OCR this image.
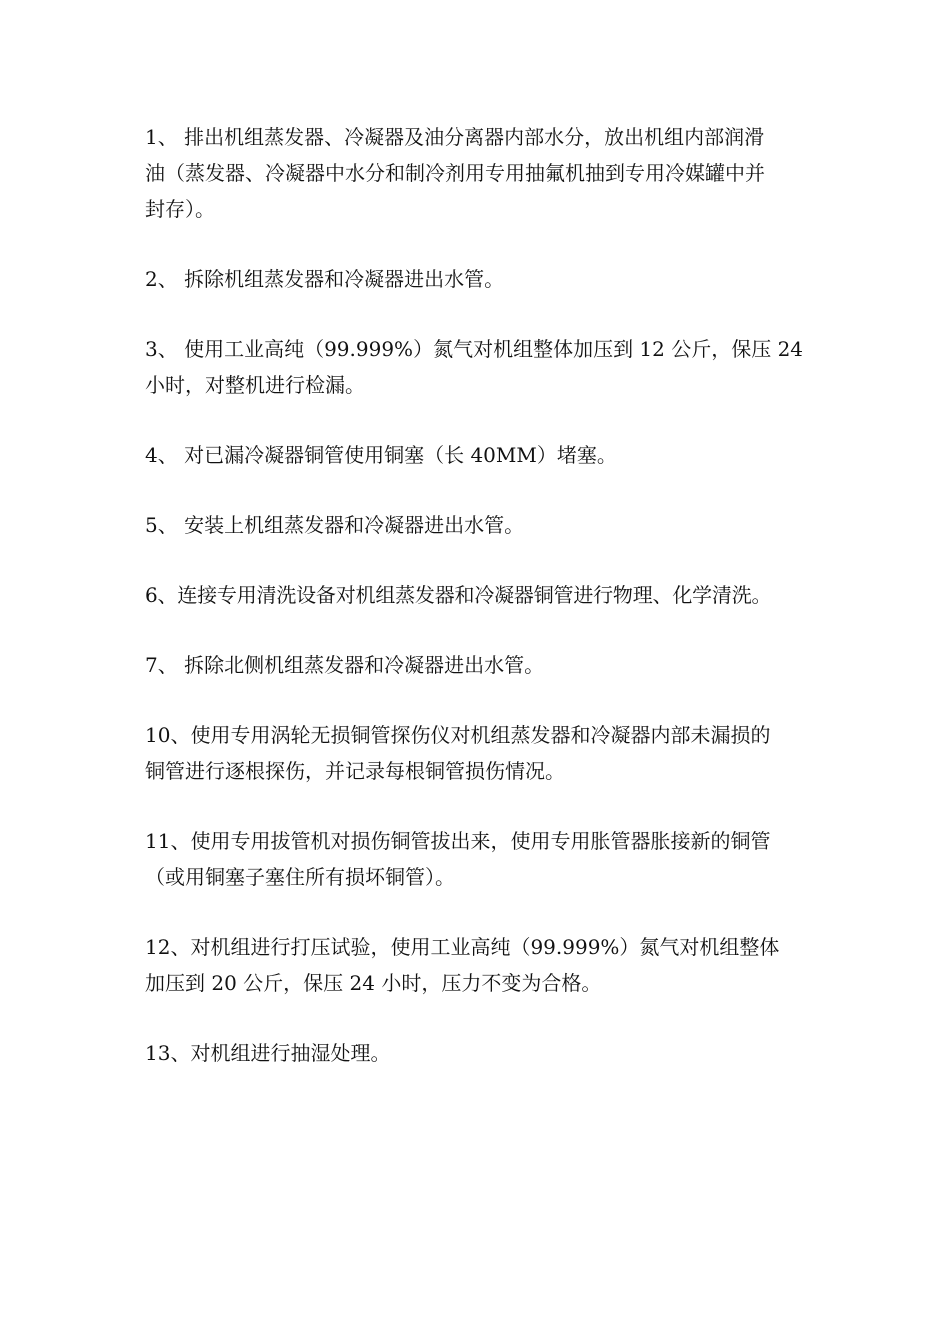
1、 排出机组蒸发器、冷凝器及油分离器内部水分，放出机组内部润滑
油（蒸发器、冷凝器中水分和制冷剂用专用抽氟机抽到专用冷媒罐中并
封存）。

2、 拆除机组蒸发器和冷凝器进出水管。

3、 使用工业高纯（99.999%）氮气对机组整体加压到 12 公斤，保压 24
小时，对整机进行检漏。

4、 对已漏冷凝器铜管使用铜塞（长 40MM）堵塞。

5、 安装上机组蒸发器和冷凝器进出水管。

6、连接专用清洗设备对机组蒸发器和冷凝器铜管进行物理、化学清洗。

7、 拆除北侧机组蒸发器和冷凝器进出水管。

10、使用专用涡轮无损铜管探伤仪对机组蒸发器和冷凝器内部未漏损的
铜管进行逐根探伤，并记录每根铜管损伤情况。

11、使用专用拔管机对损伤铜管拔出来，使用专用胀管器胀接新的铜管
（或用铜塞子塞住所有损坏铜管）。

12、对机组进行打压试验，使用工业高纯（99.999%）氮气对机组整体
加压到 20 公斤，保压 24 小时，压力不变为合格。

13、对机组进行抽湿处理。
